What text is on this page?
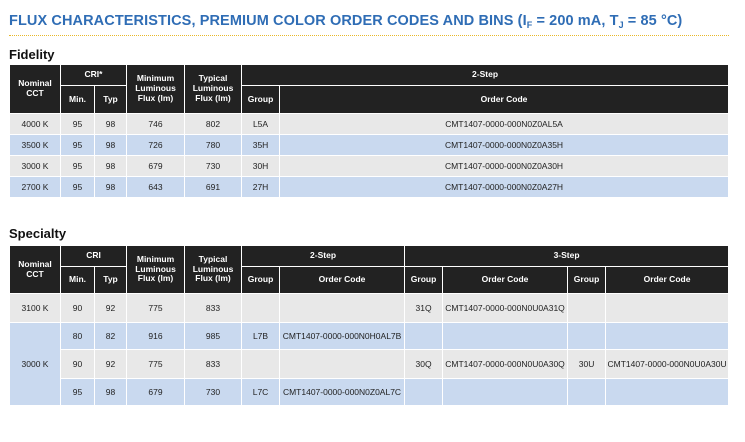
FLUX CHARACTERISTICS, PREMIUM COLOR ORDER CODES AND BINS ($I_F = 200$ mA, $T_J = 85$ °C)
Fidelity
Nominal CCT	CRI*		Minimum Luminous Flux (lm)	Typical Luminous Flux (lm)	2-Step	
	Min.	Typ			Group	Order Code
4000 K	95	98	746	802	L5A	CMT1407-0000-000N0Z0AL5A
3500 K	95	98	726	780	35H	CMT1407-0000-000N0Z0A35H
3000 K	95	98	679	730	30H	CMT1407-0000-000N0Z0A30H
2700 K	95	98	643	691	27H	CMT1407-0000-000N0Z0A27H
Specialty
Nominal CCT	CRI		Minimum Luminous Flux (lm)	Typical Luminous Flux (lm)	2-Step		3-Step			
	Min.	Typ			Group	Order Code	Group	Order Code	Group	Order Code
3100 K	90	92	775	833			31Q	CMT1407-0000-000N0U0A31Q		
3000 K	80	82	916	985	L7B	CMT1407-0000-000N0H0AL7B				
	90	92	775	833			30Q	CMT1407-0000-000N0U0A30Q	30U	CMT1407-0000-000N0U0A30U
	95	98	679	730	L7C	CMT1407-0000-000N0Z0AL7C				
